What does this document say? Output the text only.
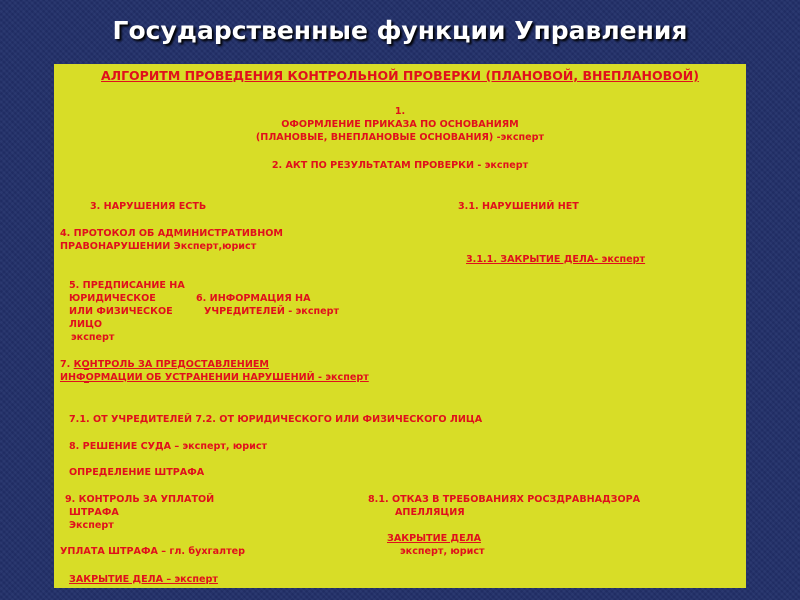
Государственные функции Управления
АЛГОРИТМ ПРОВЕДЕНИЯ КОНТРОЛЬНОЙ ПРОВЕРКИ (ПЛАНОВОЙ, ВНЕПЛАНОВОЙ)
1.
ОФОРМЛЕНИЕ ПРИКАЗА ПО ОСНОВАНИЯМ
(ПЛАНОВЫЕ, ВНЕПЛАНОВЫЕ ОСНОВАНИЯ) -эксперт
2. АКТ ПО РЕЗУЛЬТАТАМ ПРОВЕРКИ - эксперт
3. НАРУШЕНИЯ ЕСТЬ	3.1. НАРУШЕНИЙ НЕТ
4. ПРОТОКОЛ ОБ АДМИНИСТРАТИВНОМ
ПРАВОНАРУШЕНИИ Эксперт,юрист
3.1.1. ЗАКРЫТИЕ ДЕЛА- эксперт
5. ПРЕДПИСАНИЕ НА
ЮРИДИЧЕСКОЕ
ИЛИ ФИЗИЧЕСКОЕ
ЛИЦО
эксперт
6. ИНФОРМАЦИЯ НА
УЧРЕДИТЕЛЕЙ - эксперт
7. КОНТРОЛЬ ЗА ПРЕДОСТАВЛЕНИЕМ
ИНФОРМАЦИИ ОБ УСТРАНЕНИИ НАРУШЕНИЙ - эксперт
7.1. ОТ УЧРЕДИТЕЛЕЙ 7.2. ОТ ЮРИДИЧЕСКОГО ИЛИ ФИЗИЧЕСКОГО ЛИЦА
8. РЕШЕНИЕ СУДА – эксперт, юрист
ОПРЕДЕЛЕНИЕ ШТРАФА
9. КОНТРОЛЬ ЗА УПЛАТОЙ
ШТРАФА
Эксперт
8.1. ОТКАЗ В ТРЕБОВАНИЯХ РОСЗДРАВНАДЗОРА
АПЕЛЛЯЦИЯ
ЗАКРЫТИЕ ДЕЛА
эксперт, юрист
УПЛАТА ШТРАФА – гл. бухгалтер
ЗАКРЫТИЕ ДЕЛА – эксперт
